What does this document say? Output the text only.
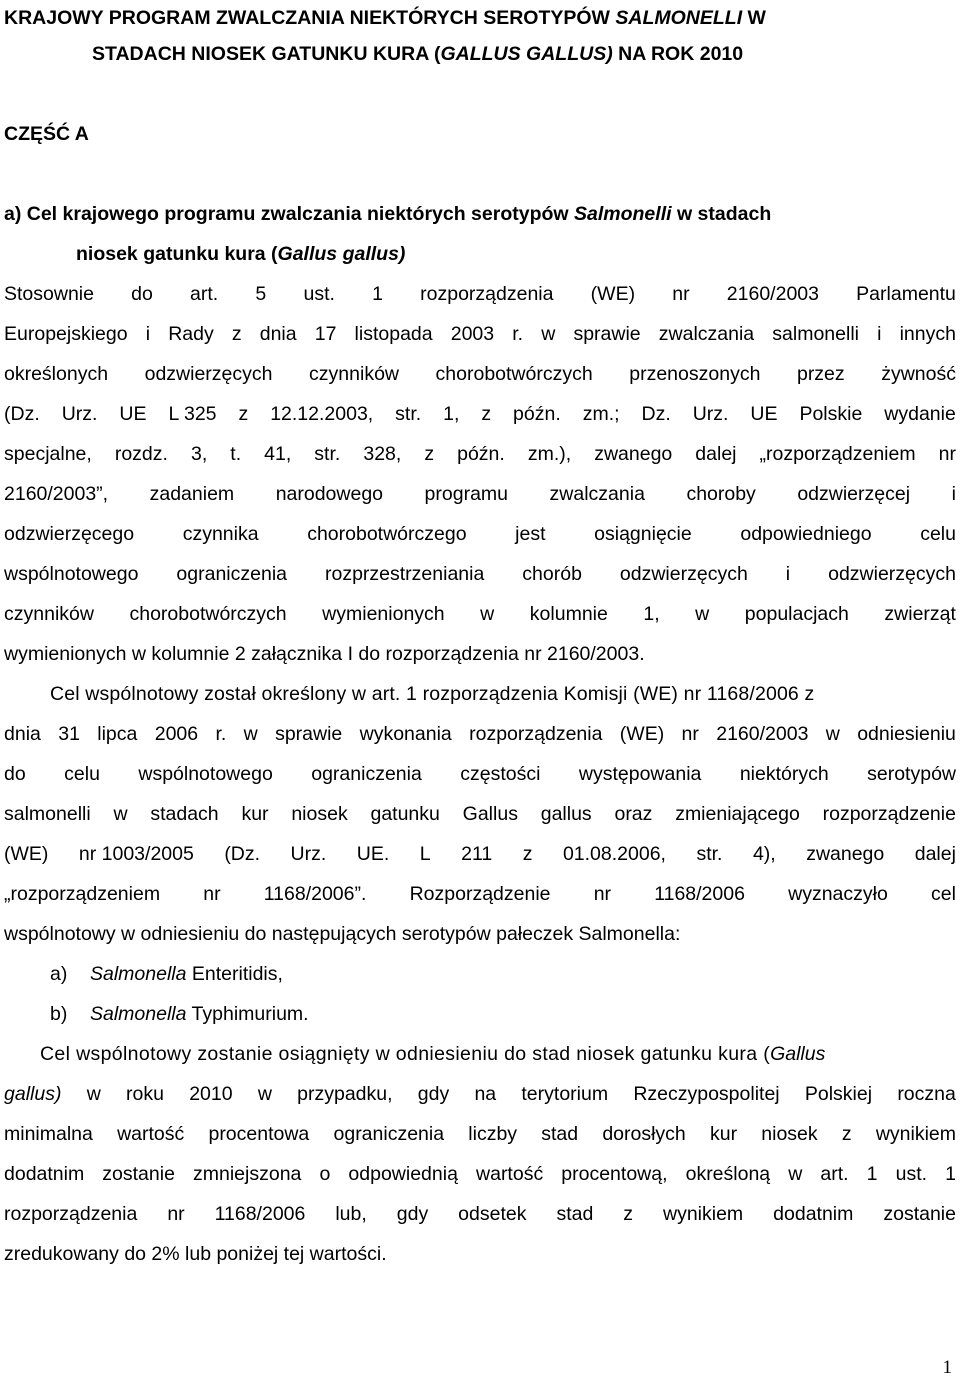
KRAJOWY PROGRAM ZWALCZANIA NIEKTÓRYCH SEROTYPÓW SALMONELLI W
STADACH NIOSEK GATUNKU KURA (GALLUS GALLUS) NA ROK 2010
CZĘŚĆ A
a) Cel krajowego programu zwalczania niektórych serotypów Salmonelli w stadach
niosek gatunku kura (Gallus gallus)
Stosownie do art. 5 ust. 1 rozporządzenia (WE) nr 2160/2003 Parlamentu
Europejskiego i Rady z dnia 17 listopada 2003 r. w sprawie zwalczania salmonelli i innych
określonych odzwierzęcych czynników chorobotwórczych przenoszonych przez żywność
(Dz. Urz. UE L 325 z 12.12.2003, str. 1, z późn. zm.; Dz. Urz. UE Polskie wydanie
specjalne, rozdz. 3, t. 41, str. 328, z późn. zm.), zwanego dalej „rozporządzeniem nr
2160/2003”, zadaniem narodowego programu zwalczania choroby odzwierzęcej i
odzwierzęcego czynnika chorobotwórczego jest osiągnięcie odpowiedniego celu
wspólnotowego ograniczenia rozprzestrzeniania chorób odzwierzęcych i odzwierzęcych
czynników chorobotwórczych wymienionych w kolumnie 1, w populacjach zwierząt
wymienionych w kolumnie 2 załącznika I do rozporządzenia nr 2160/2003.
Cel wspólnotowy został określony w art. 1 rozporządzenia Komisji (WE) nr 1168/2006 z
dnia 31 lipca 2006 r. w sprawie wykonania rozporządzenia (WE) nr 2160/2003 w odniesieniu
do celu wspólnotowego ograniczenia częstości występowania niektórych serotypów
salmonelli w stadach kur niosek gatunku Gallus gallus oraz zmieniającego rozporządzenie
(WE) nr 1003/2005 (Dz. Urz. UE. L 211 z 01.08.2006, str. 4), zwanego dalej
„rozporządzeniem nr 1168/2006”. Rozporządzenie nr 1168/2006 wyznaczyło cel
wspólnotowy w odniesieniu do następujących serotypów pałeczek Salmonella:
a) Salmonella Enteritidis,
b) Salmonella Typhimurium.
Cel wspólnotowy zostanie osiągnięty w odniesieniu do stad niosek gatunku kura (Gallus
gallus) w roku 2010 w przypadku, gdy na terytorium Rzeczypospolitej Polskiej roczna
minimalna wartość procentowa ograniczenia liczby stad dorosłych kur niosek z wynikiem
dodatnim zostanie zmniejszona o odpowiednią wartość procentową, określoną w art. 1 ust. 1
rozporządzenia nr 1168/2006 lub, gdy odsetek stad z wynikiem dodatnim zostanie
zredukowany do 2% lub poniżej tej wartości.
1
